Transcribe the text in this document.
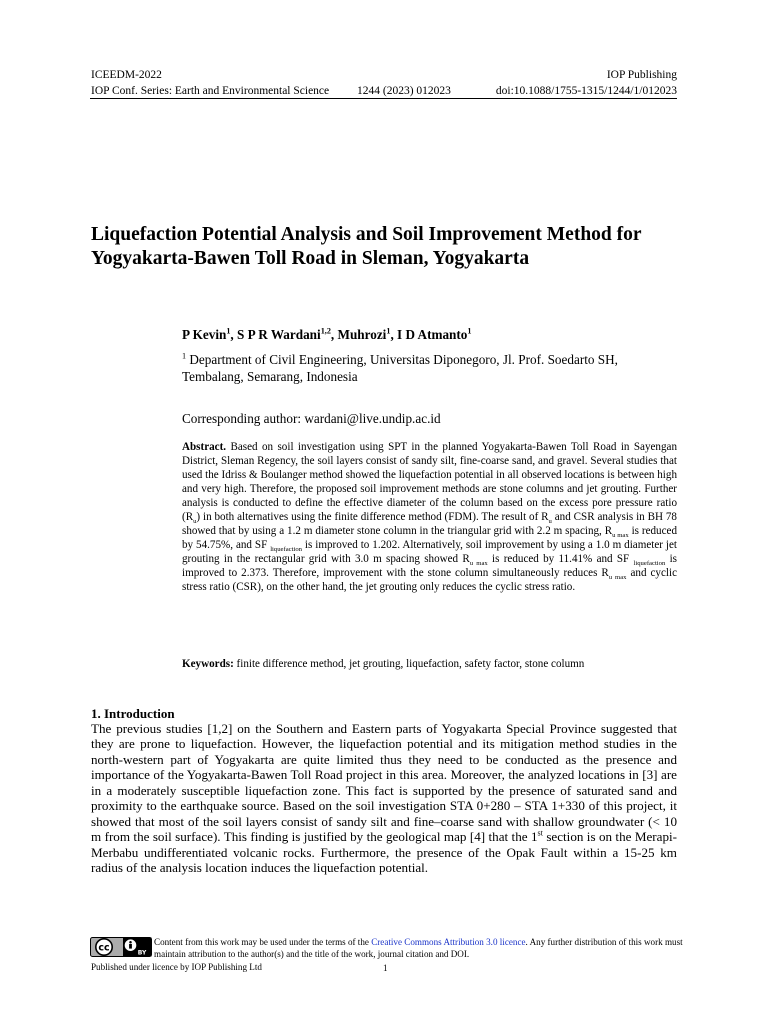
ICEEDM-2022	IOP Publishing
IOP Conf. Series: Earth and Environmental Science 1244 (2023) 012023	doi:10.1088/1755-1315/1244/1/012023
Liquefaction Potential Analysis and Soil Improvement Method for Yogyakarta-Bawen Toll Road in Sleman, Yogyakarta
P Kevin$^1$, S P R Wardani$^{1,2}$, Muhrozi$^1$, I D Atmanto$^1$
$^1$ Department of Civil Engineering, Universitas Diponegoro, Jl. Prof. Soedarto SH, Tembalang, Semarang, Indonesia
Corresponding author: wardani@live.undip.ac.id

Abstract. Based on soil investigation using SPT in the planned Yogyakarta-Bawen Toll Road in Sayengan District, Sleman Regency, the soil layers consist of sandy silt, fine-coarse sand, and gravel. Several studies that used the Idriss & Boulanger method showed the liquefaction potential in all observed locations is between high and very high. Therefore, the proposed soil improvement methods are stone columns and jet grouting. Further analysis is conducted to define the effective diameter of the column based on the excess pore pressure ratio $(R_u)$ in both alternatives using the finite difference method (FDM). The result of $R_u$ and CSR analysis in BH 78 showed that by using a 1.2 m diameter stone column in the triangular grid with 2.2 m spacing, $R_{u max}$ is reduced by 54.75%, and SF $_{liquefaction}$ is improved to 1.202. Alternatively, soil improvement by using a 1.0 m diameter jet grouting in the rectangular grid with 3.0 m spacing showed $R_{u max}$ is reduced by 11.41% and SF $_{liquefaction}$ is improved to 2.373. Therefore, improvement with the stone column simultaneously reduces $R_{u max}$ and cyclic stress ratio (CSR), on the other hand, the jet grouting only reduces the cyclic stress ratio.

Keywords: finite difference method, jet grouting, liquefaction, safety factor, stone column
1. Introduction

The previous studies [1,2] on the Southern and Eastern parts of Yogyakarta Special Province suggested that they are prone to liquefaction. However, the liquefaction potential and its mitigation method studies in the north-western part of Yogyakarta are quite limited thus they need to be conducted as the presence and importance of the Yogyakarta-Bawen Toll Road project in this area. Moreover, the analyzed locations in [3] are in a moderately susceptible liquefaction zone. This fact is supported by the presence of saturated sand and proximity to the earthquake source. Based on the soil investigation STA 0+280 – STA 1+330 of this project, it showed that most of the soil layers consist of sandy silt and fine–coarse sand with shallow groundwater (< 10 m from the soil surface). This finding is justified by the geological map [4] that the 1st section is on the Merapi-Merbabu undifferentiated volcanic rocks. Furthermore, the presence of the Opak Fault within a 15-25 km radius of the analysis location induces the liquefaction potential.

cc	BY
Content from this work may be used under the terms of the Creative Commons Attribution 3.0 licence. Any further distribution of this work must maintain attribution to the author(s) and the title of the work, journal citation and DOI.
Published under licence by IOP Publishing Ltd	1
